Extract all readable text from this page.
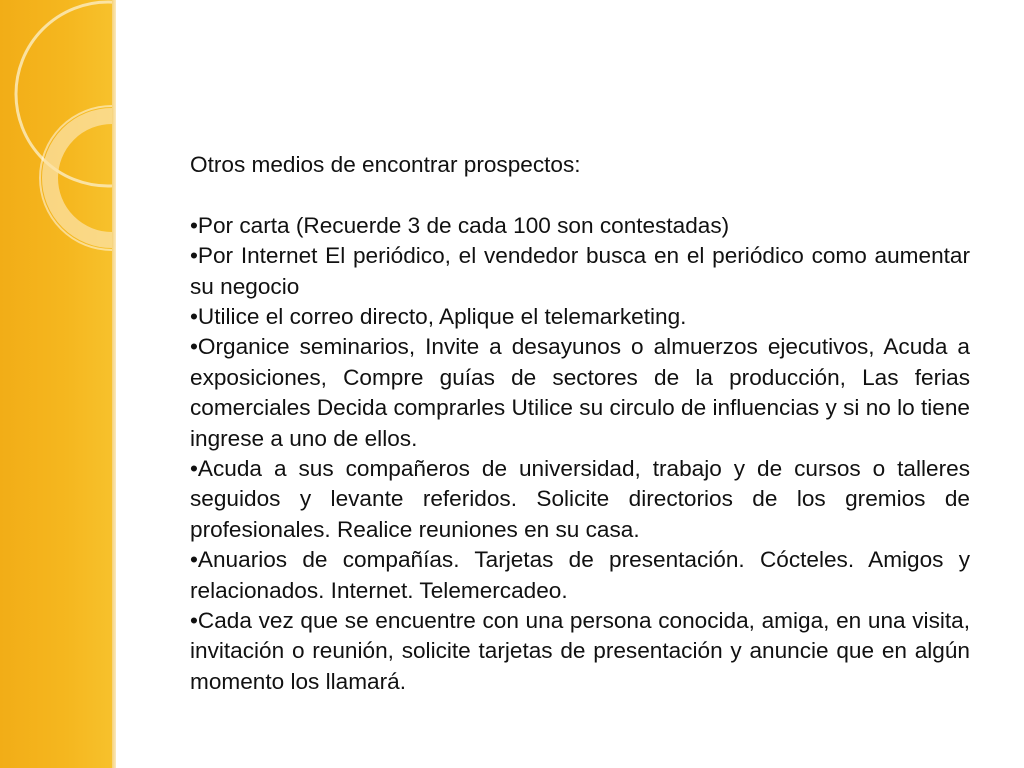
Otros medios de encontrar prospectos:

•Por carta (Recuerde 3 de cada 100 son contestadas)
•Por Internet El periódico, el vendedor busca en el periódico como aumentar su negocio
•Utilice el correo directo, Aplique el telemarketing.
•Organice seminarios, Invite a desayunos o almuerzos ejecutivos, Acuda a exposiciones, Compre guías de sectores de la producción, Las ferias comerciales Decida comprarles Utilice su circulo de influencias y si no lo tiene ingrese a uno de ellos.
•Acuda a sus compañeros de universidad, trabajo y de cursos o talleres seguidos y levante referidos. Solicite directorios de los gremios de profesionales. Realice reuniones en su casa.
•Anuarios de compañías. Tarjetas de presentación. Cócteles. Amigos y relacionados. Internet. Telemercadeo.
•Cada vez que se encuentre con una persona conocida, amiga, en una visita, invitación o reunión, solicite tarjetas de presentación y anuncie que en algún momento los llamará.
